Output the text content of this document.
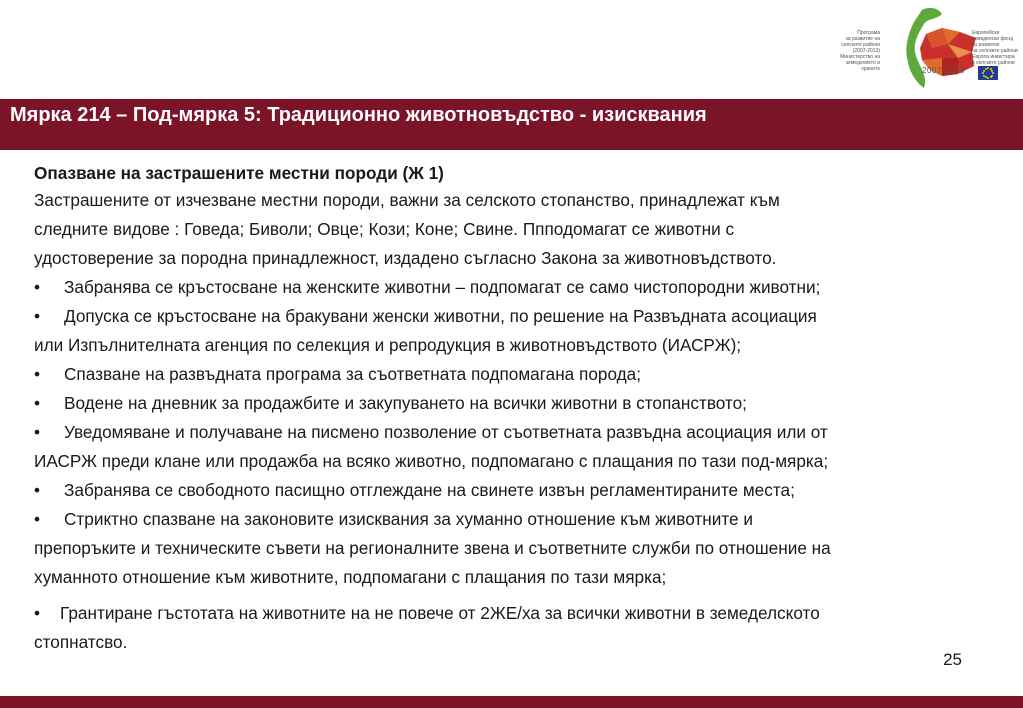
Програма
за развитие на
селските райони
(2007-2013)
Министерство на
земеделието и
храните	2007-2013
Европейски
земеделски фонд
за развитие
на селските райони:
Европа инвестира
в селските райони
Мярка 214 – Под-мярка 5: Традиционно животновъдство - изисквания
Опазване на застрашените местни породи (Ж 1)
Застрашените от изчезване местни породи, важни за селското стопанство, принадлежат към
следните видове : Говеда; Биволи; Овце; Кози; Коне; Свине. Ппподомагат се животни с
удостоверение за породна принадлежност, издадено съгласно Закона за животновъдството.
• Забранява се кръстосване на женските животни – подпомагат се само чистопородни животни;
• Допуска се кръстосване на бракувани женски животни, по решение на Развъдната асоциация
или Изпълнителната агенция по селекция и репродукция в животновъдството (ИАСРЖ);
• Спазване на развъдната програма за съответната подпомагана порода;
• Водене на дневник за продажбите и закупуването на всички животни в стопанството;
• Уведомяване и получаване на писмено позволение от съответната развъдна асоциация или от
ИАСРЖ преди клане или продажба на всяко животно, подпомагано с плащания по тази под-мярка;
• Забранява се свободното пасищно отглеждане на свинете извън регламентираните места;
• Стриктно спазване на законовите изисквания за хуманно отношение към животните и
препоръките и техническите съвети на регионалните звена и съответните служби по отношение на
хуманното отношение към животните, подпомагани с плащания по тази мярка;
• Грантиране гъстотата на животните на не повече от 2ЖЕ/ха за всички животни в земеделското
стопнатсво.
25
